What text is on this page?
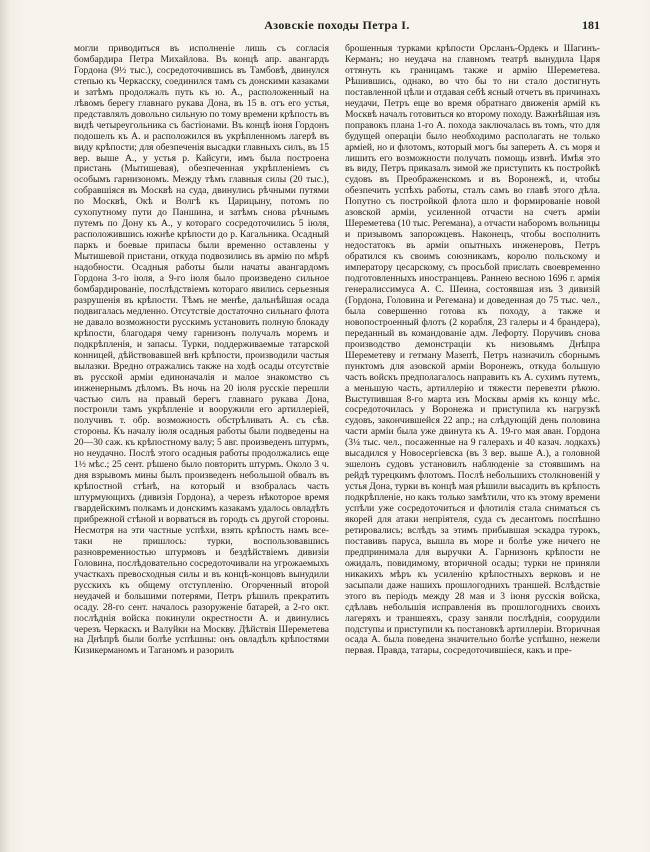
Азовскіе походы Петра I.	181
могли приводиться въ исполненіе лишь съ согласія бомбардира Петра Михайлова. Въ концѣ апр. авангардъ Гордона (9½ тыс.), сосредоточившись въ Тамбовѣ, двинулся степью къ Черкасску, соединился тамъ съ донскими казаками и затѣмъ продолжалъ путь къ ю. А., расположенный на лѣвомъ берегу главнаго рукава Дона, въ 15 в. отъ его устья, представлялъ довольно сильную по тому времени крѣпость въ видѣ четыреугольника съ бастіонами. Въ концѣ іюня Гордонъ подошелъ къ А. и расположился въ укрѣпленномъ лагерѣ въ виду крѣпости; для обезпеченія высадки главныхъ силъ, въ 15 вер. выше А., у устья р. Кайсуги, имъ была построена пристань (Мытишевая), обезпеченная укрѣпленіемъ съ особымъ гарнизономъ. Между тѣмъ главныя силы (20 тыс.), собравшіяся въ Москвѣ на суда, двинулись рѣчными путями по Москвѣ, Окѣ и Волгѣ къ Царицыну, потомъ по сухопутному пути до Паншина, и затѣмъ снова рѣчнымъ путемъ по Дону къ А., у котораго сосредоточились 5 іюля, расположившись южнѣе крѣпости до р. Кагальника. Осадный паркъ и боевые припасы были временно оставлены у Мытишевой пристани, откуда подвозились въ армію по мѣрѣ надобности. Осадныя работы были начаты авангардомъ Гордона 3-го іюля, а 9-го іюля было произведено сильное бомбардированіе, послѣдствіемъ котораго явились серьезныя разрушенія въ крѣпости. Тѣмъ не менѣе, дальнѣйшая осада подвигалась медленно. Отсутствіе достаточно сильнаго флота не давало возможности русскимъ установить полную блокаду крѣпости, благодаря чему гарнизонъ получалъ моремъ и подкрѣпленія, и запасы. Турки, поддерживаемые татарской конницей, дѣйствовавшей внѣ крѣпости, производили частыя вылазки. Вредно отражались также на ходѣ осады отсутствіе въ русской арміи единоначалія и малое знакомство съ инженернымъ дѣломъ. Въ ночь на 20 іюля русскіе перешли частью силъ на правый берегъ главнаго рукава Дона, построили тамъ укрѣпленіе и вооружили его артиллеріей, получивъ т. обр. возможность обстрѣливать А. съ сѣв. стороны. Къ началу іюля осадныя работы были подведены на 20—30 саж. къ крѣпостному валу; 5 авг. произведенъ штурмъ, но неудачно. Послѣ этого осадныя работы продолжались еще 1½ мѣс.; 25 сент. рѣшено было повторить штурмъ. Около 3 ч. дня взрывомъ мины былъ произведенъ небольшой обвалъ въ крѣпостной стѣнѣ, на который и взобралась часть штурмующихъ (дивизія Гордона), а черезъ нѣкоторое время гвардейскимъ полкамъ и донскимъ казакамъ удалось овладѣть прибрежной стѣной и ворваться въ городъ съ другой стороны. Несмотря на эти частные успѣхи, взять крѣпость намъ все-таки не пришлось: турки, воспользовавшись разновременностью штурмовъ и бездѣйствіемъ дивизіи Головина, послѣдовательно сосредоточивали на угрожаемыхъ участкахъ превосходныя силы и въ концѣ-концовъ вынудили русскихъ къ общему отступленію. Огорченный второй неудачей и большими потерями, Петръ рѣшилъ прекратить осаду. 28-го сент. началось разоруженіе батарей, а 2-го окт. послѣднія войска покинули окрестности А. и двинулись черезъ Черкаскъ и Валуйки на Москву. Дѣйствія Шереметева на Днѣпрѣ были болѣе успѣшны: онъ овладѣлъ крѣпостями Кизикерманомъ и Таганомъ и разорилъ
брошенныя турками крѣпости Орсланъ-Ордекъ и Шагинъ-Керманъ; но неудача на главномъ театрѣ вынудила Царя оттянуть къ границамъ также и армію Шереметева. Рѣшившись, однако, во что бы то ни стало достигнуть поставленной цѣли и отдавая себѣ ясный отчетъ въ причинахъ неудачи, Петръ еще во время обратнаго движенія армій къ Москвѣ началъ готовиться ко второму походу. Важнѣйшая изъ поправокъ плана 1-го А. похода заключалась въ томъ, что для будущей операціи было необходимо располагать не только арміей, но и флотомъ, который могъ бы запереть А. съ моря и лишить его возможности получать помощь извнѣ. Имѣя это въ виду, Петръ приказалъ зимой же приступить къ постройкѣ судовъ въ Преображенскомъ и въ Воронежѣ, и, чтобы обезпечить успѣхъ работы, сталъ самъ во главѣ этого дѣла. Попутно съ постройкой флота шло и формированіе новой азовской арміи, усиленной отчасти на счетъ арміи Шереметева (10 тыс. Регемана), а отчасти наборомъ вольницы и призывомъ запорожцевъ. Наконецъ, чтобы восполнить недостатокъ въ арміи опытныхъ инженеровъ, Петръ обратился къ своимъ союзникамъ, королю польскому и императору цесарскому, съ просьбой прислать своевременно подготовленныхъ иностранцевъ. Раннею весною 1696 г. армія генералиссимуса А. С. Шеина, состоявшая изъ 3 дивизій (Гордона, Головина и Регемана) и доведенная до 75 тыс. чел., была совершенно готова къ походу, а также и новопостроенный флотъ (2 корабля, 23 галеры и 4 брандера), переданный въ командованіе адм. Лефорту. Поручивъ снова производство демонстраціи къ низовьямъ Днѣпра Шереметеву и гетману Мазепѣ, Петръ назначилъ сборнымъ пунктомъ для азовской арміи Воронежъ, откуда большую часть войскъ предполагалось направить къ А. сухимъ путемъ, а меньшую часть, артиллерію и тяжести перевезти рѣкою. Выступившая 8-го марта изъ Москвы армія къ концу мѣс. сосредоточилась у Воронежа и приступила къ нагрузкѣ судовъ, закончившейся 22 апр.; на слѣдующій день половина части арміи была уже двинута къ А. 19-го мая аван. Гордона (3¼ тыс. чел., посаженные на 9 галерахъ и 40 казач. лодкахъ) высадился у Новосергіевска (въ 3 вер. выше А.), а головной эшелонъ судовъ установилъ наблюденіе за стоявшимъ на рейдѣ турецкимъ флотомъ. Послѣ небольшихъ столкновеній у устья Дона, турки въ концѣ мая рѣшили высадить въ крѣпость подкрѣпленіе, но какъ только замѣтили, что къ этому времени успѣли уже сосредоточиться и флотилія стала сниматься съ якорей для атаки непріятеля, суда съ десантомъ поспѣшно ретировались; вслѣдъ за этимъ прибывшая эскадра турокъ, поставивъ паруса, вышла въ море и болѣе уже ничего не предпринимала для выручки А. Гарнизонъ крѣпости не ожидалъ, повидимому, вторичной осады; турки не приняли никакихъ мѣръ къ усиленію крѣпостныхъ верковъ и не засыпали даже нашихъ прошлогоднихъ траншей. Вслѣдствіе этого въ періодъ между 28 мая и 3 іюня русскія войска, сдѣлавъ небольшія исправленія въ прошлогоднихъ своихъ лагеряхъ и траншеяхъ, сразу заняли послѣднія, соорудили подступы и приступили къ постановкѣ артиллеріи. Вторичная осада А. была поведена значительно болѣе успѣшно, нежели первая. Правда, татары, сосредоточившіеся, какъ и пре-
